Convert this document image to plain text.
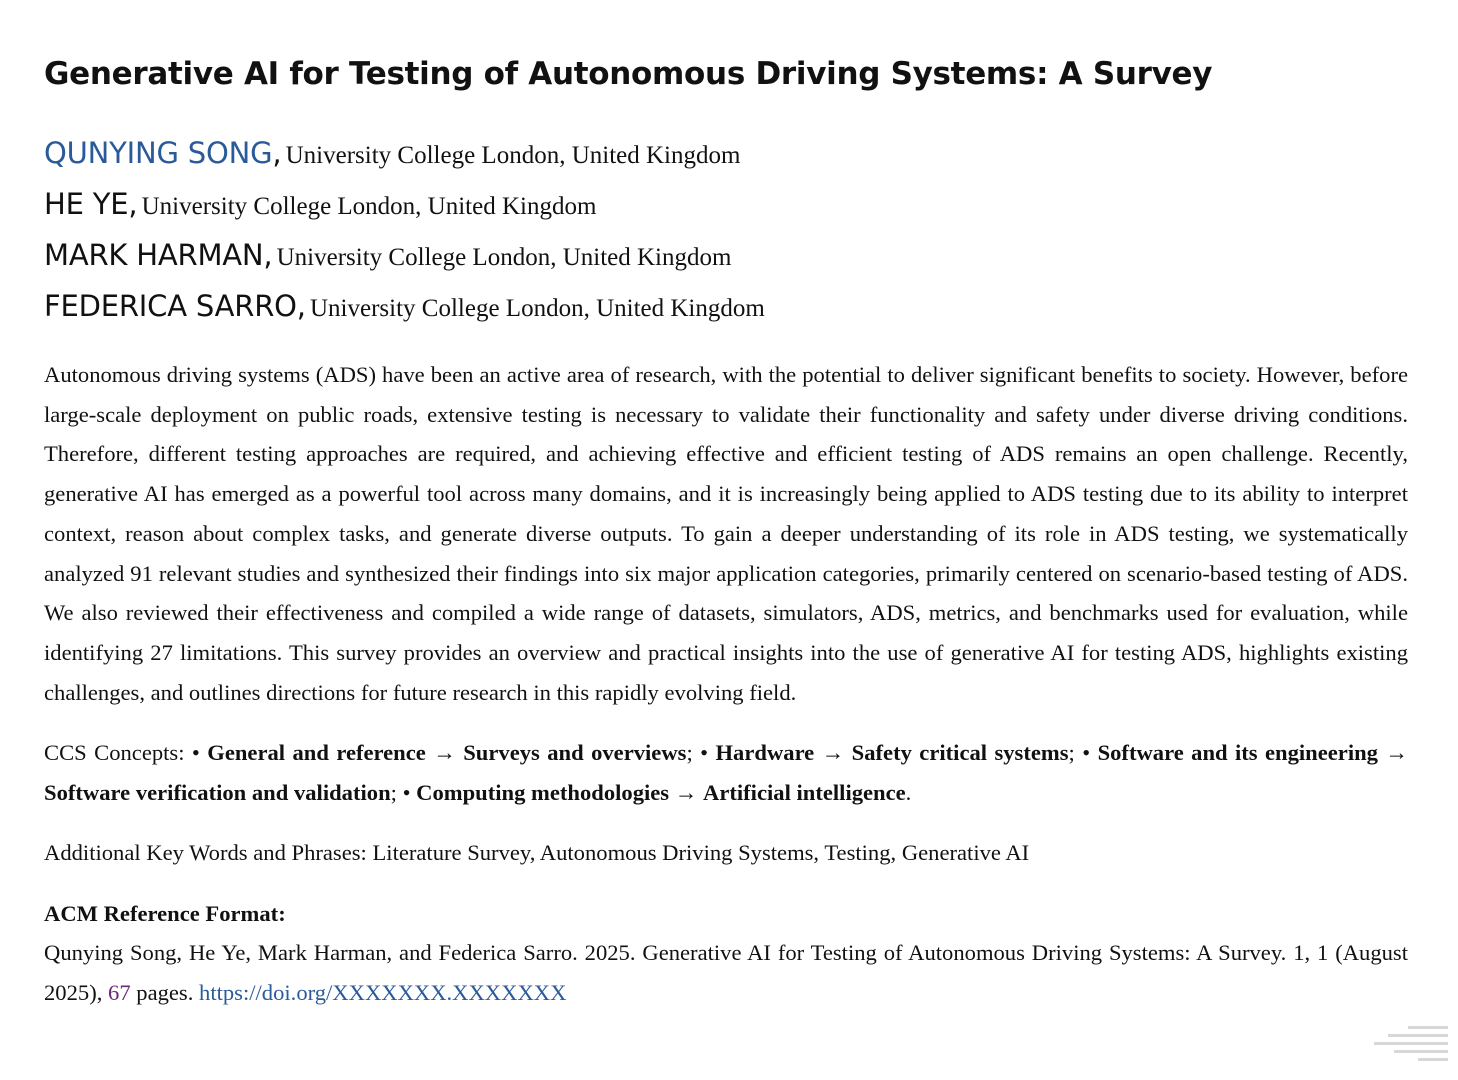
Generative AI for Testing of Autonomous Driving Systems: A Survey
QUNYING SONG, University College London, United Kingdom
HE YE, University College London, United Kingdom
MARK HARMAN, University College London, United Kingdom
FEDERICA SARRO, University College London, United Kingdom

Autonomous driving systems (ADS) have been an active area of research, with the potential to deliver significant benefits to society. However, before large-scale deployment on public roads, extensive testing is necessary to validate their functionality and safety under diverse driving conditions. Therefore, different testing approaches are required, and achieving effective and efficient testing of ADS remains an open challenge. Recently, generative AI has emerged as a powerful tool across many domains, and it is increasingly being applied to ADS testing due to its ability to interpret context, reason about complex tasks, and generate diverse outputs. To gain a deeper understanding of its role in ADS testing, we systematically analyzed 91 relevant studies and synthesized their findings into six major application categories, primarily centered on scenario-based testing of ADS. We also reviewed their effectiveness and compiled a wide range of datasets, simulators, ADS, metrics, and benchmarks used for evaluation, while identifying 27 limitations. This survey provides an overview and practical insights into the use of generative AI for testing ADS, highlights existing challenges, and outlines directions for future research in this rapidly evolving field.

CCS Concepts: • General and reference → Surveys and overviews; • Hardware → Safety critical systems; • Software and its engineering → Software verification and validation; • Computing methodologies → Artificial intelligence.

Additional Key Words and Phrases: Literature Survey, Autonomous Driving Systems, Testing, Generative AI

ACM Reference Format:

Qunying Song, He Ye, Mark Harman, and Federica Sarro. 2025. Generative AI for Testing of Autonomous Driving Systems: A Survey. 1, 1 (August 2025), 67 pages. https://doi.org/XXXXXXX.XXXXXXX
